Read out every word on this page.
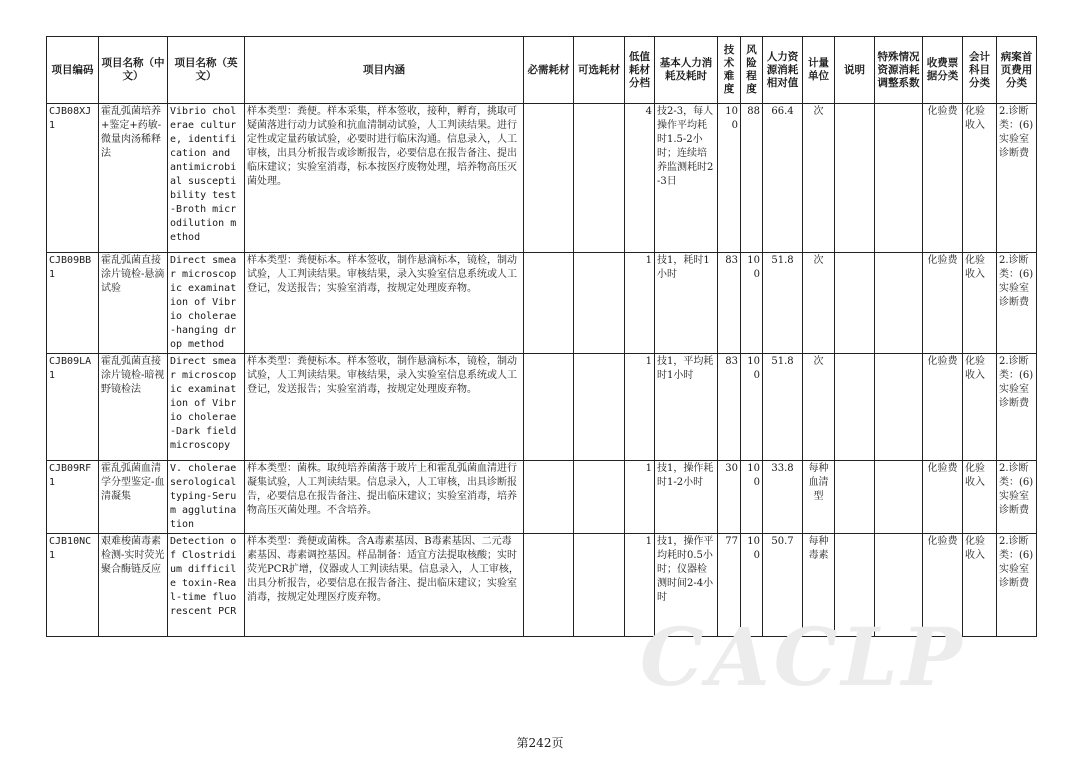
项目编码	项目名称（中文）	项目名称（英文）	项目内涵	必需耗材	可选耗材	低值耗材分档	基本人力消耗及耗时	技术难度	风险程度	人力资源消耗相对值	计量单位	说明	特殊情况资源消耗调整系数	收费票据分类	会计科目分类	病案首页费用分类
CJB08XJ1	霍乱弧菌培养+鉴定+药敏-微量肉汤稀释法	Vibrio cholerae culture, identification and antimicrobial susceptibility test-Broth microdilution method	样本类型：粪便。样本采集，样本签收，接种，孵育，挑取可疑菌落进行动力试验和抗血清制动试验，人工判读结果。进行定性或定量药敏试验，必要时进行临床沟通。信息录入，人工审核，出具分析报告或诊断报告，必要信息在报告备注、提出临床建议；实验室消毒，标本按医疗废物处理，培养物高压灭菌处理。			4	技2-3，每人操作平均耗时1.5-2小时；连续培养监测耗时2-3日	100	88	66.4	次			化验费	化验收入	2.诊断类：(6)实验室诊断费
CJB09BB1	霍乱弧菌直接涂片镜检-悬滴试验	Direct smear microscopic examination of Vibrio cholerae-hanging drop method	样本类型：粪便标本。样本签收，制作悬滴标本，镜检，制动试验，人工判读结果。审核结果，录入实验室信息系统或人工登记，发送报告；实验室消毒，按规定处理废弃物。			1	技1，耗时1小时	83	100	51.8	次			化验费	化验收入	2.诊断类：(6)实验室诊断费
CJB09LA1	霍乱弧菌直接涂片镜检-暗视野镜检法	Direct smear microscopic examination of Vibrio cholerae-Dark field microscopy	样本类型：粪便标本。样本签收，制作悬滴标本，镜检，制动试验，人工判读结果。审核结果，录入实验室信息系统或人工登记，发送报告；实验室消毒，按规定处理废弃物。			1	技1，平均耗时1小时	83	100	51.8	次			化验费	化验收入	2.诊断类：(6)实验室诊断费
CJB09RF1	霍乱弧菌血清学分型鉴定-血清凝集	V. cholerae serological typing-Serum agglutination	样本类型：菌株。取纯培养菌落于玻片上和霍乱弧菌血清进行凝集试验，人工判读结果。信息录入，人工审核，出具诊断报告，必要信息在报告备注、提出临床建议；实验室消毒，培养物高压灭菌处理。不含培养。			1	技1，操作耗时1-2小时	30	100	33.8	每种血清型			化验费	化验收入	2.诊断类：(6)实验室诊断费
CJB10NC1	艰难梭菌毒素检测-实时荧光聚合酶链反应	Detection of Clostridium difficile toxin-Real-time fluorescent PCR	样本类型：粪便或菌株。含A毒素基因、B毒素基因、二元毒素基因、毒素调控基因。样品制备：适宜方法提取核酸；实时荧光PCR扩增，仪器或人工判读结果。信息录入，人工审核，出具分析报告，必要信息在报告备注、提出临床建议；实验室消毒，按规定处理医疗废弃物。			1	技1，操作平均耗时0.5小时；仪器检测时间2-4小时	77	100	50.7	每种毒素			化验费	化验收入	2.诊断类：(6)实验室诊断费
CACLP
第242页
